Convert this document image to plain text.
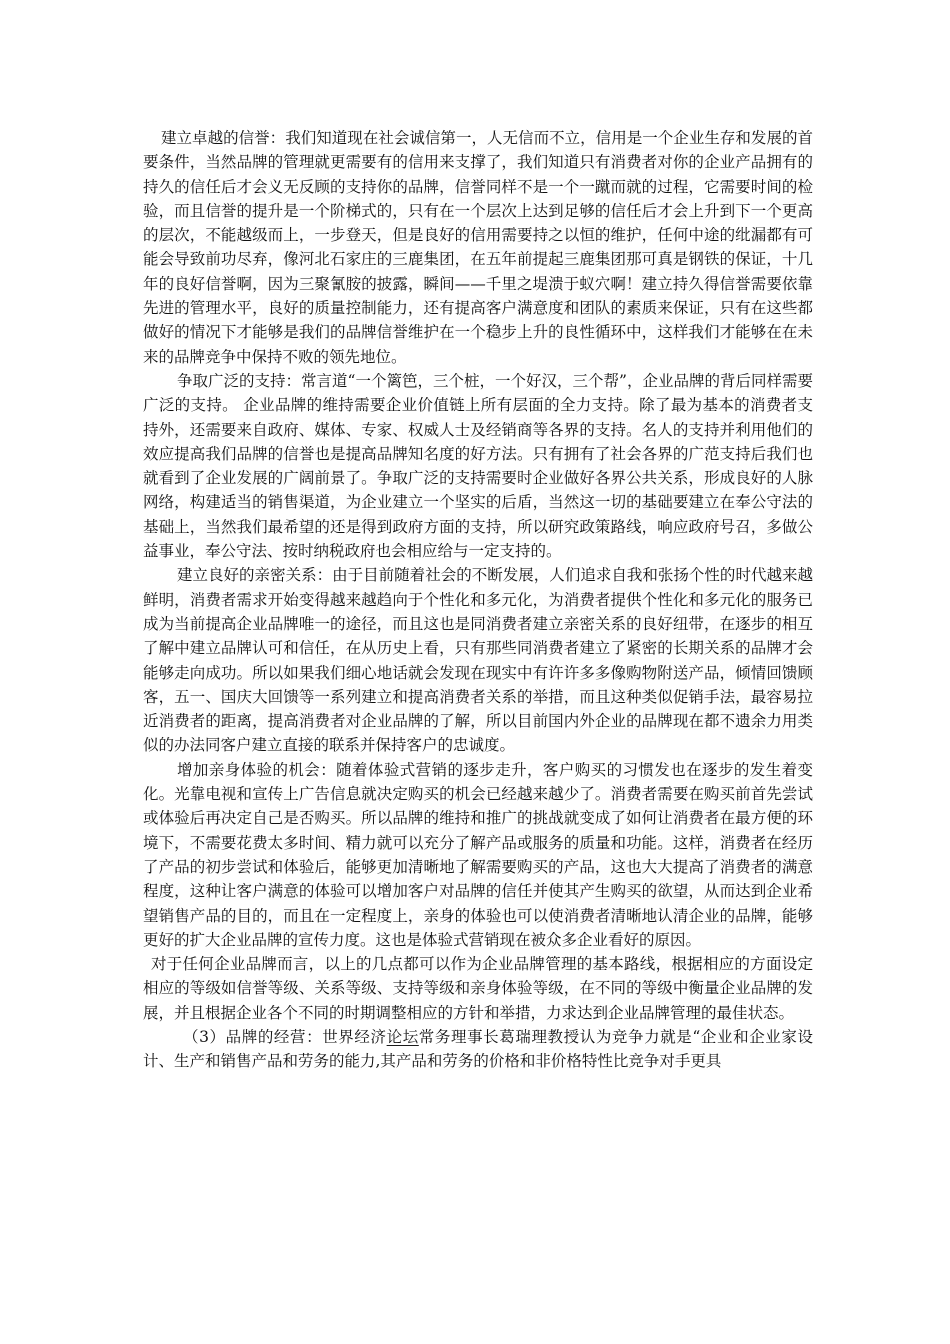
建立卓越的信誉：我们知道现在社会诚信第一，人无信而不立，信用是一个企业生存和发展的首要条件，当然品牌的管理就更需要有的信用来支撑了，我们知道只有消费者对你的企业产品拥有的持久的信任后才会义无反顾的支持你的品牌，信誉同样不是一个一蹴而就的过程，它需要时间的检验，而且信誉的提升是一个阶梯式的，只有在一个层次上达到足够的信任后才会上升到下一个更高的层次，不能越级而上，一步登天，但是良好的信用需要持之以恒的维护，任何中途的纰漏都有可能会导致前功尽弃，像河北石家庄的三鹿集团，在五年前提起三鹿集团那可真是钢铁的保证，十几年的良好信誉啊，因为三聚氰胺的披露，瞬间——千里之堤溃于蚁穴啊！建立持久得信誉需要依靠先进的管理水平，良好的质量控制能力，还有提高客户满意度和团队的素质来保证，只有在这些都做好的情况下才能够是我们的品牌信誉维护在一个稳步上升的良性循环中，这样我们才能够在在未来的品牌竞争中保持不败的领先地位。

争取广泛的支持：常言道“一个篱笆，三个桩，一个好汉，三个帮”，企业品牌的背后同样需要广泛的支持。 企业品牌的维持需要企业价值链上所有层面的全力支持。除了最为基本的消费者支持外，还需要来自政府、媒体、专家、权威人士及经销商等各界的支持。名人的支持并利用他们的效应提高我们品牌的信誉也是提高品牌知名度的好方法。只有拥有了社会各界的广范支持后我们也就看到了企业发展的广阔前景了。争取广泛的支持需要时企业做好各界公共关系，形成良好的人脉网络，构建适当的销售渠道，为企业建立一个坚实的后盾，当然这一切的基础要建立在奉公守法的基础上，当然我们最希望的还是得到政府方面的支持，所以研究政策路线，响应政府号召，多做公益事业，奉公守法、按时纳税政府也会相应给与一定支持的。

建立良好的亲密关系：由于目前随着社会的不断发展，人们追求自我和张扬个性的时代越来越鲜明，消费者需求开始变得越来越趋向于个性化和多元化，为消费者提供个性化和多元化的服务已成为当前提高企业品牌唯一的途径，而且这也是同消费者建立亲密关系的良好纽带，在逐步的相互了解中建立品牌认可和信任，在从历史上看，只有那些同消费者建立了紧密的长期关系的品牌才会能够走向成功。所以如果我们细心地话就会发现在现实中有许许多多像购物附送产品，倾情回馈顾客，五一、国庆大回馈等一系列建立和提高消费者关系的举措，而且这种类似促销手法，最容易拉近消费者的距离，提高消费者对企业品牌的了解，所以目前国内外企业的品牌现在都不遗余力用类似的办法同客户建立直接的联系并保持客户的忠诚度。

增加亲身体验的机会：随着体验式营销的逐步走升，客户购买的习惯发也在逐步的发生着变化。光靠电视和宣传上广告信息就决定购买的机会已经越来越少了。消费者需要在购买前首先尝试或体验后再决定自己是否购买。所以品牌的维持和推广的挑战就变成了如何让消费者在最方便的环境下，不需要花费太多时间、精力就可以充分了解产品或服务的质量和功能。这样，消费者在经历了产品的初步尝试和体验后，能够更加清晰地了解需要购买的产品，这也大大提高了消费者的满意程度，这种让客户满意的体验可以增加客户对品牌的信任并使其产生购买的欲望，从而达到企业希望销售产品的目的，而且在一定程度上，亲身的体验也可以使消费者清晰地认清企业的品牌，能够更好的扩大企业品牌的宣传力度。这也是体验式营销现在被众多企业看好的原因。

对于任何企业品牌而言，以上的几点都可以作为企业品牌管理的基本路线，根据相应的方面设定相应的等级如信誉等级、关系等级、支持等级和亲身体验等级，在不同的等级中衡量企业品牌的发展，并且根据企业各个不同的时期调整相应的方针和举措，力求达到企业品牌管理的最佳状态。

（3）品牌的经营：世界经济论坛常务理事长葛瑞理教授认为竞争力就是“企业和企业家设计、生产和销售产品和劳务的能力,其产品和劳务的价格和非价格特性比竞争对手更具
